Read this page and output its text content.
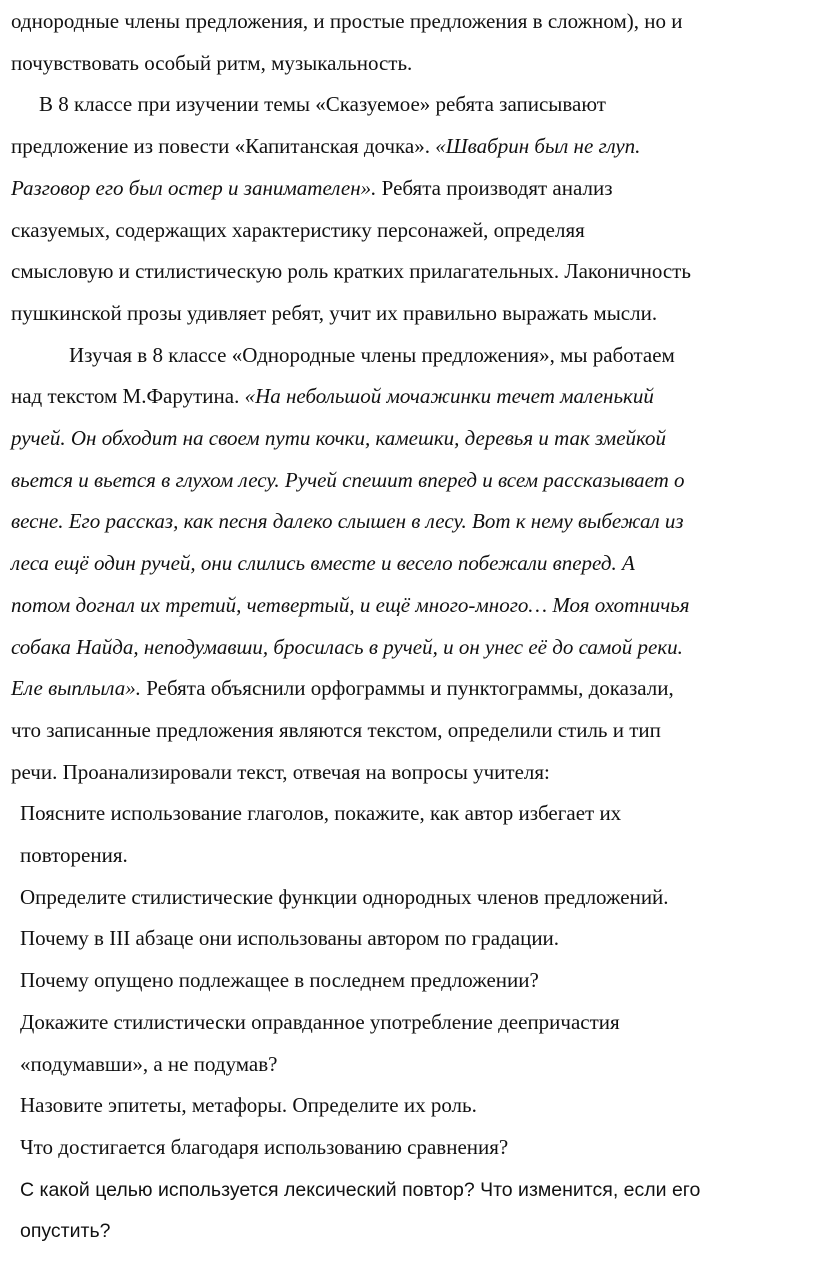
однородные члены предложения, и простые предложения в сложном), но и
почувствовать особый ритм, музыкальность.
В 8 классе при изучении темы «Сказуемое» ребята записывают
предложение из повести «Капитанская дочка». «Швабрин был не глуп.
Разговор его был остер и занимателен». Ребята производят анализ
сказуемых, содержащих характеристику персонажей, определяя
смысловую и стилистическую роль кратких прилагательных. Лаконичность
пушкинской прозы удивляет ребят, учит их правильно выражать мысли.
Изучая в 8 классе «Однородные члены предложения», мы работаем
над текстом М.Фарутина. «На небольшой мочажинки течет маленький
ручей. Он обходит на своем пути кочки, камешки, деревья и так змейкой
вьется и вьется в глухом лесу. Ручей спешит вперед и всем рассказывает о
весне. Его рассказ, как песня далеко слышен в лесу. Вот к нему выбежал из
леса ещё один ручей, они слились вместе и весело побежали вперед. А
потом догнал их третий, четвертый, и ещё много-много… Моя охотничья
собака Найда, неподумавши, бросилась в ручей, и он унес её до самой реки.
Еле выплыла». Ребята объяснили орфограммы и пунктограммы, доказали,
что записанные предложения являются текстом, определили стиль и тип
речи. Проанализировали текст, отвечая на вопросы учителя:
Поясните использование глаголов, покажите, как автор избегает их
повторения.
Определите стилистические функции однородных членов предложений.
Почему в III абзаце они использованы автором по градации.
Почему опущено подлежащее в последнем предложении?
Докажите стилистически оправданное употребление деепричастия
«подумавши», а не подумав?
Назовите эпитеты, метафоры. Определите их роль.
Что достигается благодаря использованию сравнения?
С какой целью используется лексический повтор? Что изменится, если его
опустить?
